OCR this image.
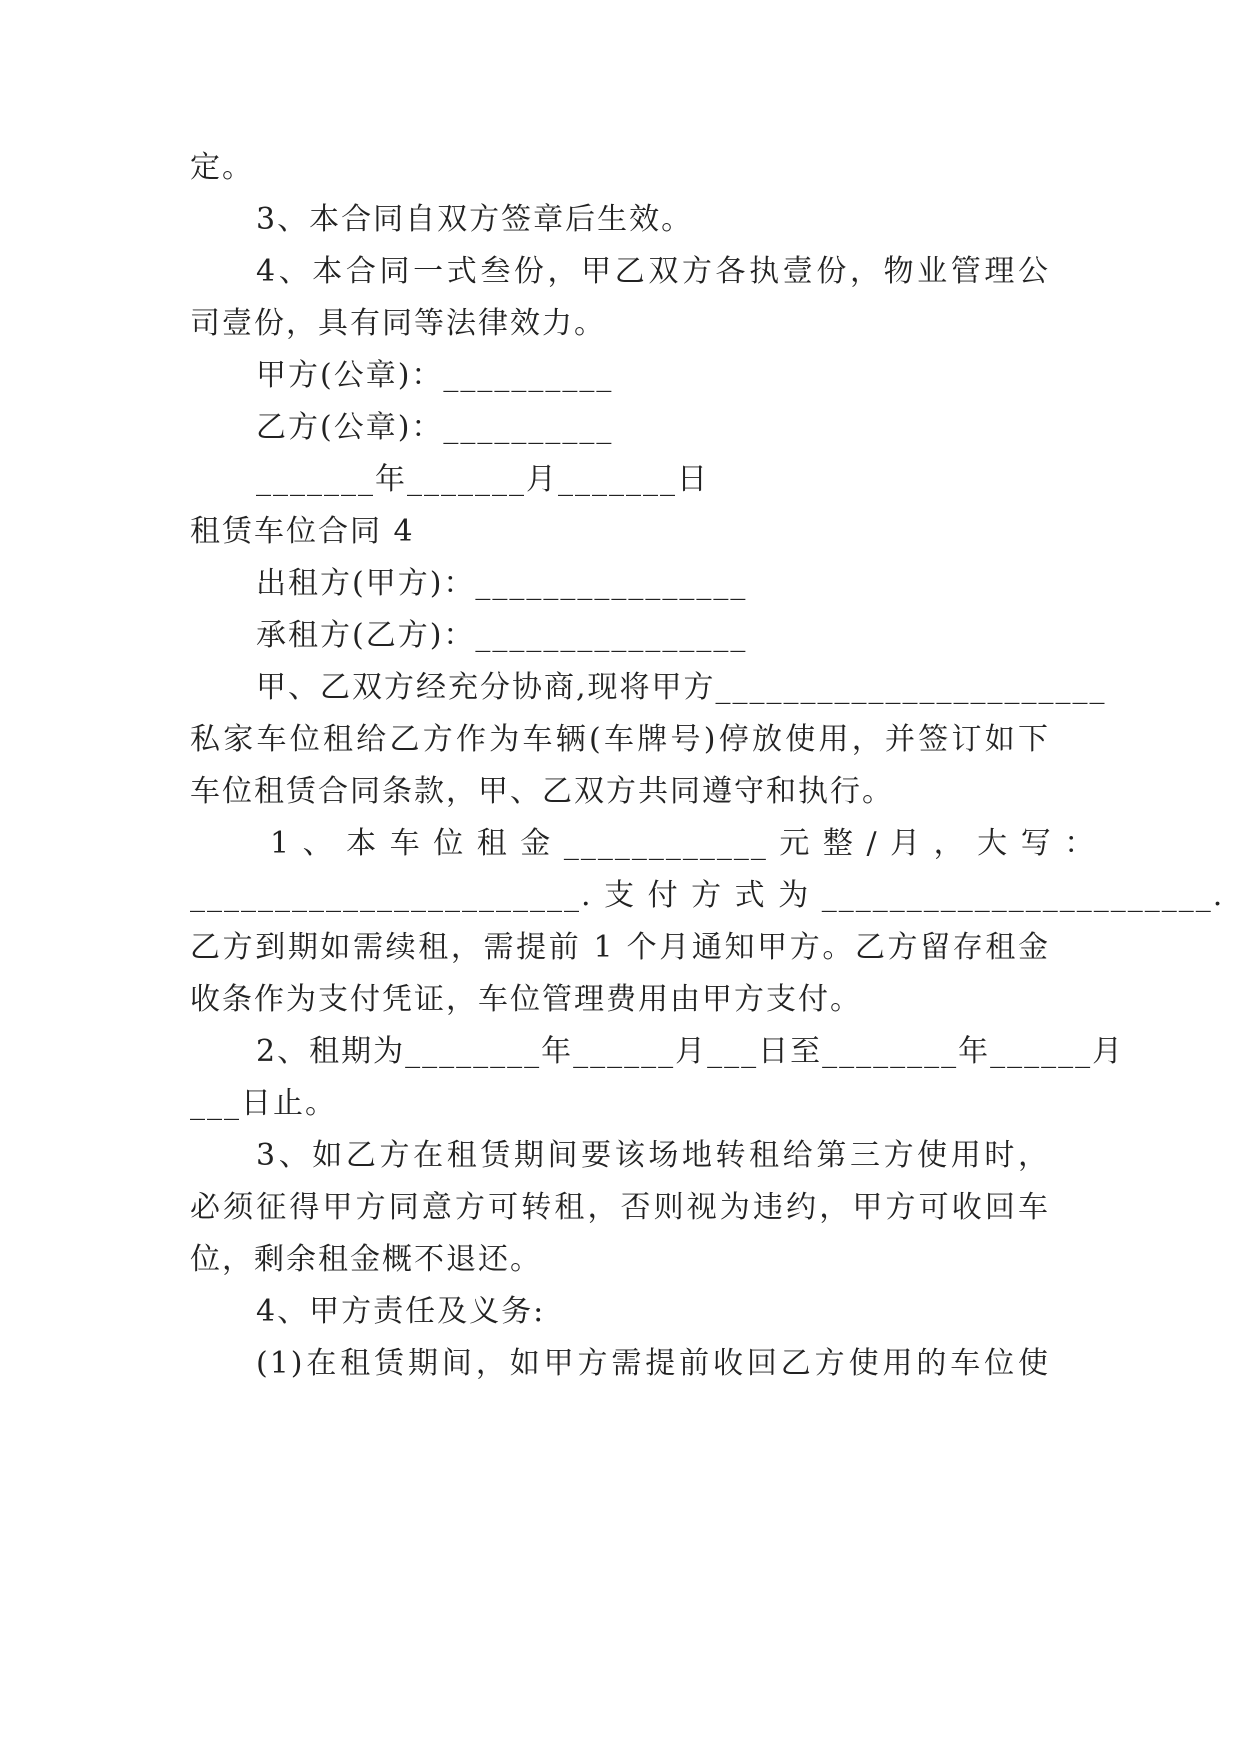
定。
3、本合同自双方签章后生效。
4、本合同一式叁份，甲乙双方各执壹份，物业管理公
司壹份，具有同等法律效力。
甲方(公章)：__________
乙方(公章)：__________
_______年_______月_______日
租赁车位合同 4
出租方(甲方)：________________
承租方(乙方)：________________
甲、乙双方经充分协商,现将甲方_______________________
私家车位租给乙方作为车辆(车牌号)停放使用，并签订如下
车位租赁合同条款，甲、乙双方共同遵守和执行。
1 、 本 车 位 租 金 ____________ 元 整 / 月 ， 大 写 ：
_______________________. 支 付 方 式 为 _______________________.
乙方到期如需续租，需提前 1 个月通知甲方。乙方留存租金
收条作为支付凭证，车位管理费用由甲方支付。
2、租期为________年______月___日至________年______月
___日止。
3、如乙方在租赁期间要该场地转租给第三方使用时，
必须征得甲方同意方可转租，否则视为违约，甲方可收回车
位，剩余租金概不退还。
4、甲方责任及义务:
(1)在租赁期间，如甲方需提前收回乙方使用的车位使
